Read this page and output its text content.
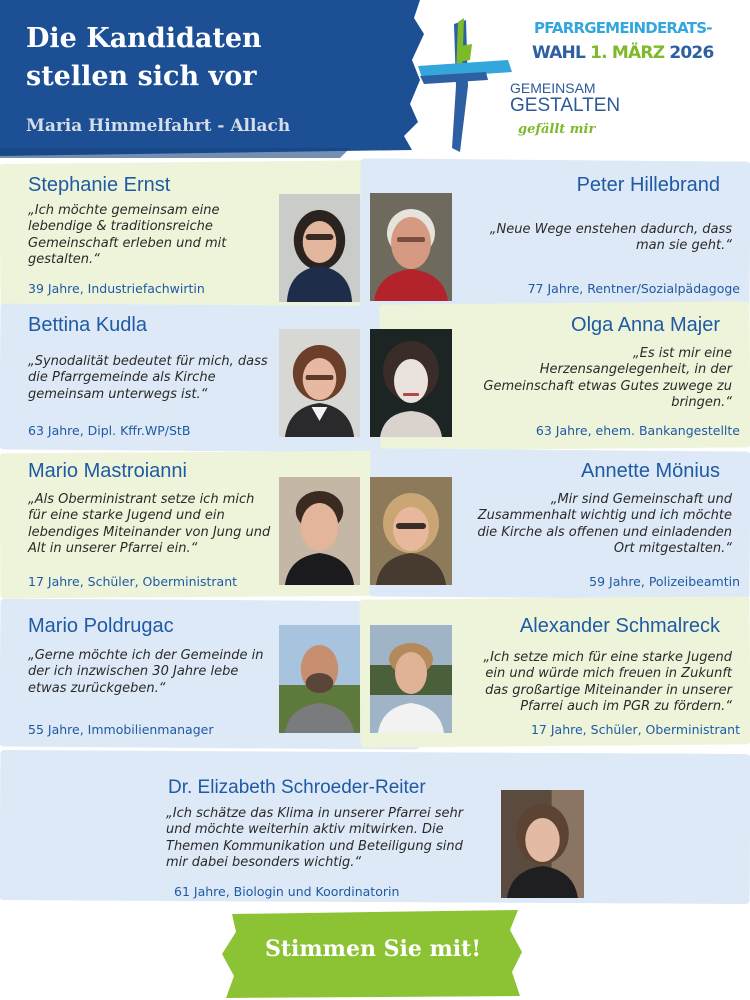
Die Kandidaten
stellen sich vor
Maria Himmelfahrt - Allach
PFARRGEMEINDERATS-
WAHL 1. MÄRZ 2026
GEMEINSAM
GESTALTEN
gefällt mir
Stephanie Ernst
„Ich möchte gemeinsam eine lebendige & traditionsreiche Gemeinschaft erleben und mit gestalten.“
39 Jahre, Industriefachwirtin
Peter Hillebrand
„Neue Wege enstehen dadurch, dass man sie geht.“
77 Jahre, Rentner/Sozialpädagoge
Bettina Kudla
„Synodalität bedeutet für mich, dass die Pfarrgemeinde als Kirche gemeinsam unterwegs ist.“
63 Jahre, Dipl. Kffr.WP/StB
Olga Anna Majer
„Es ist mir eine Herzensangelegenheit, in der Gemeinschaft etwas Gutes zuwege zu bringen.“
63 Jahre, ehem. Bankangestellte
Mario Mastroianni
„Als Oberministrant setze ich mich für eine starke Jugend und ein lebendiges Miteinander von Jung und Alt in unserer Pfarrei ein.“
17 Jahre, Schüler, Oberministrant
Annette Mönius
„Mir sind Gemeinschaft und Zusammenhalt wichtig und ich möchte die Kirche als offenen und einladenden Ort mitgestalten.“
59 Jahre, Polizeibeamtin
Mario Poldrugac
„Gerne möchte ich der Gemeinde in der ich inzwischen 30 Jahre lebe etwas zurückgeben.“
55 Jahre, Immobilienmanager
Alexander Schmalreck
„Ich setze mich für eine starke Jugend ein und würde mich freuen in Zukunft das großartige Miteinander in unserer Pfarrei auch im PGR zu fördern.“
17 Jahre, Schüler, Oberministrant
Dr. Elizabeth Schroeder-Reiter
„Ich schätze das Klima in unserer Pfarrei sehr und möchte weiterhin aktiv mitwirken. Die Themen Kommunikation und Beteiligung sind mir dabei besonders wichtig.“
61 Jahre, Biologin und Koordinatorin
Stimmen Sie mit!
